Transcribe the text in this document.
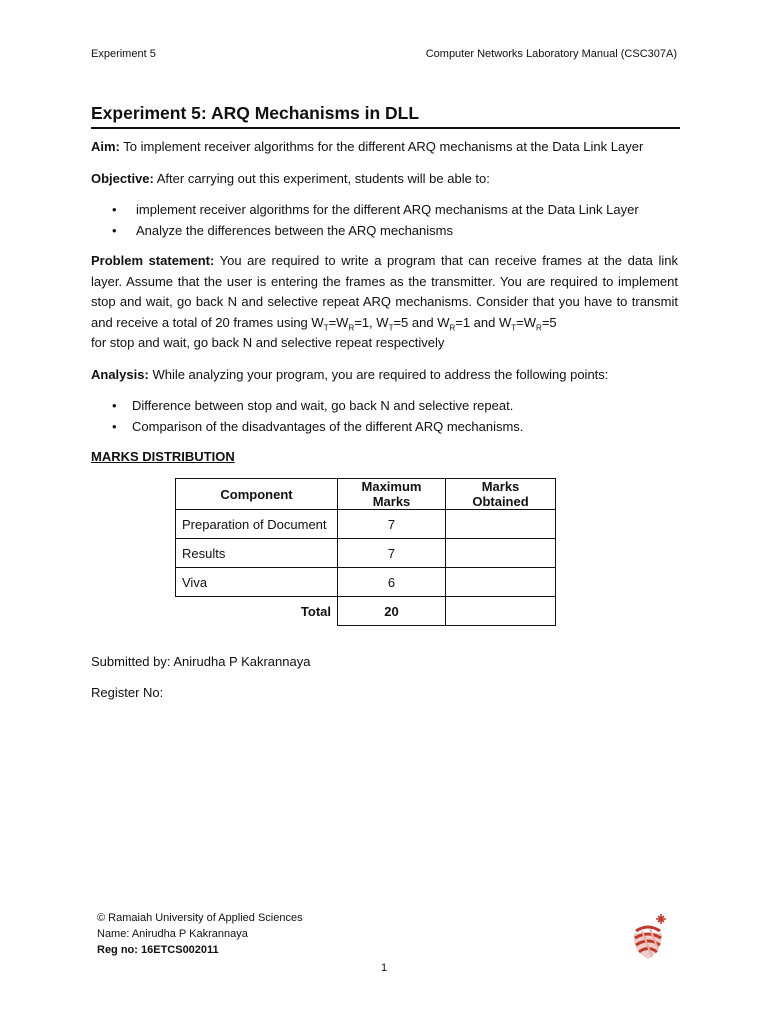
Experiment 5	Computer Networks Laboratory Manual (CSC307A)
Experiment 5: ARQ Mechanisms in DLL
Aim: To implement receiver algorithms for the different ARQ mechanisms at the Data Link Layer
Objective: After carrying out this experiment, students will be able to:
• implement receiver algorithms for the different ARQ mechanisms at the Data Link Layer
• Analyze the differences between the ARQ mechanisms
Problem statement: You are required to write a program that can receive frames at the data link layer. Assume that the user is entering the frames as the transmitter. You are required to implement stop and wait, go back N and selective repeat ARQ mechanisms. Consider that you have to transmit and receive a total of 20 frames using $W_T=W_R=1$, $W_T=5$ and $W_R=1$ and $W_T=W_R=5$
for stop and wait, go back N and selective repeat respectively
Analysis: While analyzing your program, you are required to address the following points:
• Difference between stop and wait, go back N and selective repeat.
• Comparison of the disadvantages of the different ARQ mechanisms.
MARKS DISTRIBUTION
Component	Maximum Marks	Marks Obtained
Preparation of Document	7	
Results	7	
Viva	6	
Total	20	
Submitted by: Anirudha P Kakrannaya
Register No:
© Ramaiah University of Applied Sciences
Name: Anirudha P Kakrannaya
Reg no: 16ETCS002011
1
